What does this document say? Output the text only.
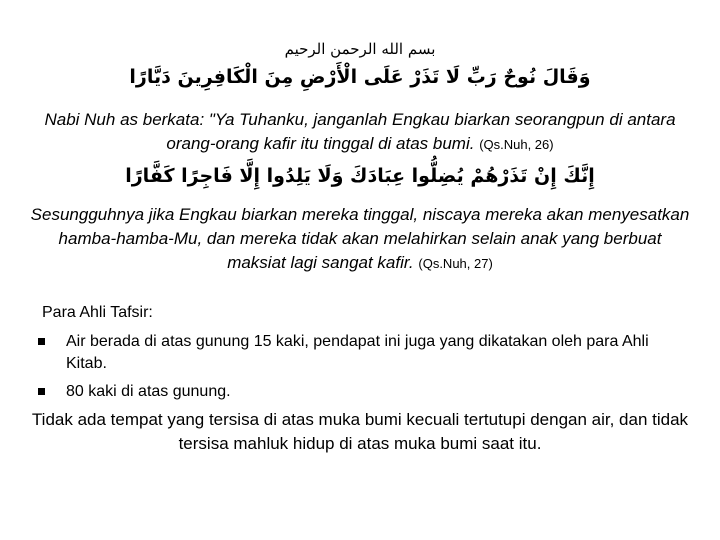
بسم الله الرحمن الرحيم
وَقَالَ نُوحٌ رَبِّ لَا تَذَرْ عَلَى الْأَرْضِ مِنَ الْكَافِرِينَ دَيَّارًا
Nabi Nuh as berkata: "Ya Tuhanku, janganlah Engkau biarkan seorangpun di antara orang-orang kafir itu tinggal di atas bumi. (Qs.Nuh, 26)
إِنَّكَ إِنْ تَذَرْهُمْ يُضِلُّوا عِبَادَكَ وَلَا يَلِدُوا إِلَّا فَاجِرًا كَفَّارًا
Sesungguhnya jika Engkau biarkan mereka tinggal, niscaya mereka akan menyesatkan hamba-hamba-Mu, dan mereka tidak akan melahirkan selain anak yang berbuat maksiat lagi sangat kafir. (Qs.Nuh, 27)
Para Ahli Tafsir:
Air berada di atas gunung 15 kaki, pendapat ini juga yang dikatakan oleh para Ahli Kitab.
80 kaki di atas gunung.
Tidak ada tempat yang tersisa di atas muka bumi kecuali tertutupi dengan air, dan tidak tersisa mahluk hidup di atas muka bumi saat itu.
